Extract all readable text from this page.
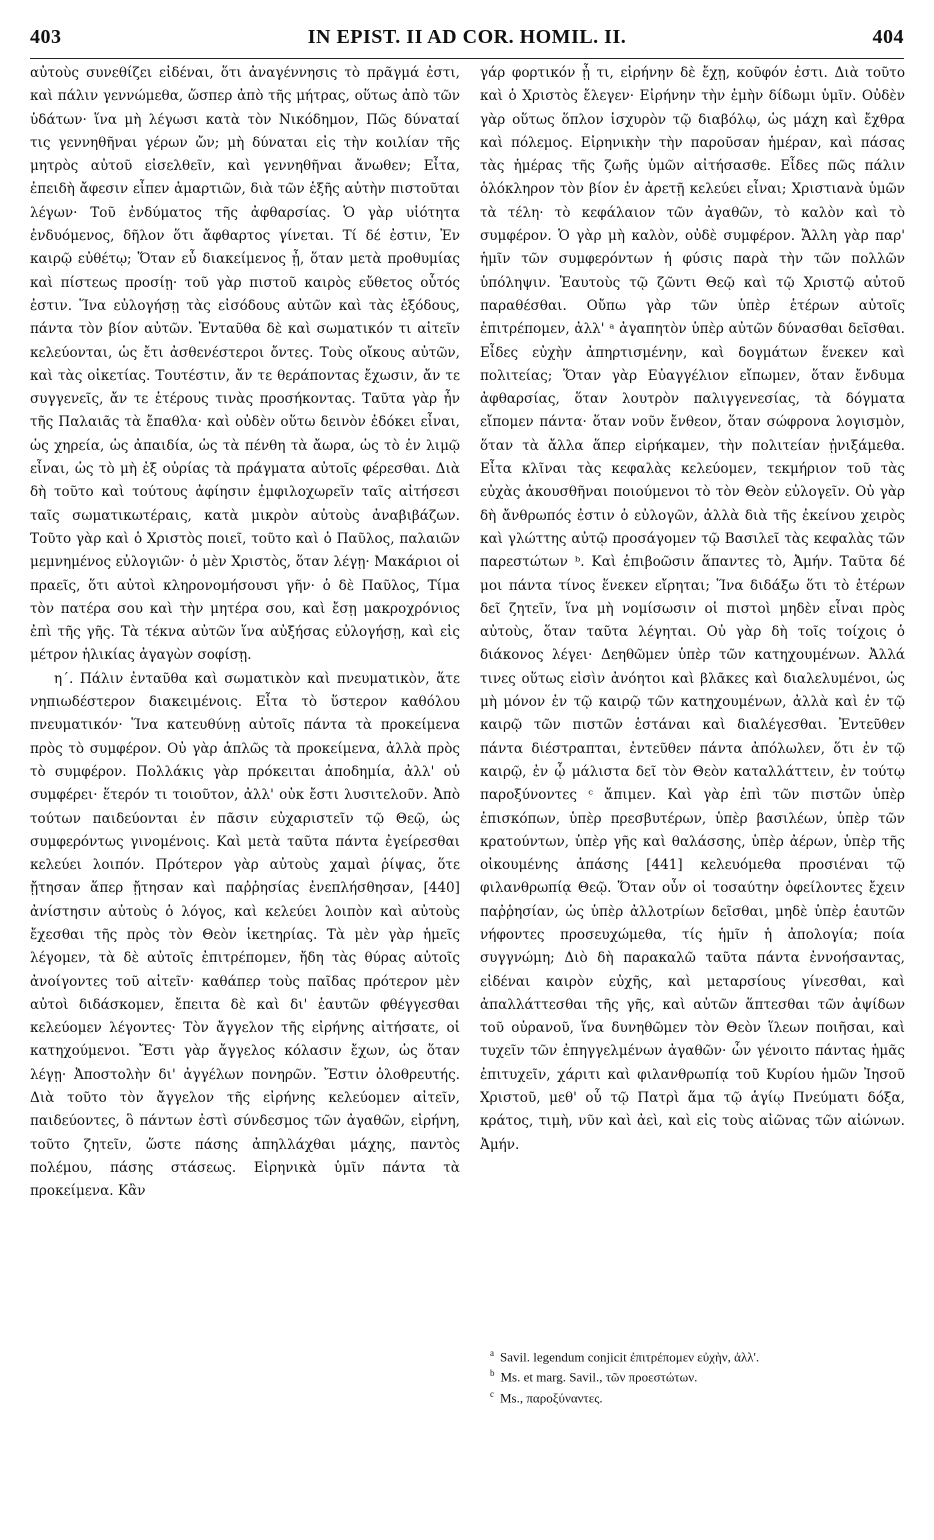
403	IN EPIST. II AD COR. HOMIL. II.	404

αὐτοὺς συνεθίζει εἰδέναι, ὅτι ἀναγέννησις τὸ πρᾶγμά ἐστι, καὶ πάλιν γεννώμεθα, ὥσπερ ἀπὸ τῆς μήτρας, οὕτως ἀπὸ τῶν ὑδάτων· ἵνα μὴ λέγωσι κατὰ τὸν Νικόδημον, Πῶς δύναταί τις γεννηθῆναι γέρων ὤν; μὴ δύναται εἰς τὴν κοιλίαν τῆς μητρὸς αὐτοῦ εἰσελθεῖν, καὶ γεννηθῆναι ἄνωθεν; Εἶτα, ἐπειδὴ ἄφεσιν εἶπεν ἁμαρτιῶν, διὰ τῶν ἑξῆς αὐτὴν πιστοῦται λέγων· Τοῦ ἐνδύματος τῆς ἀφθαρσίας. Ὁ γὰρ υἱότητα ἐνδυόμενος, δῆλον ὅτι ἄφθαρτος γίνεται. Τί δέ ἐστιν, Ἐν καιρῷ εὐθέτῳ; Ὅταν εὖ διακείμενος ᾖ, ὅταν μετὰ προθυμίας καὶ πίστεως προσίῃ· τοῦ γὰρ πιστοῦ καιρὸς εὔθετος οὗτός ἐστιν. Ἵνα εὐλογήσῃ τὰς εἰσόδους αὐτῶν καὶ τὰς ἐξόδους, πάντα τὸν βίον αὐτῶν. Ἐνταῦθα δὲ καὶ σωματικόν τι αἰτεῖν κελεύονται, ὡς ἔτι ἀσθενέστεροι ὄντες. Τοὺς οἴκους αὐτῶν, καὶ τὰς οἰκετίας. Τουτέστιν, ἄν τε θεράποντας ἔχωσιν, ἄν τε συγγενεῖς, ἄν τε ἑτέρους τινὰς προσήκοντας. Ταῦτα γὰρ ἦν τῆς Παλαιᾶς τὰ ἔπαθλα· καὶ οὐδὲν οὕτω δεινὸν ἐδόκει εἶναι, ὡς χηρεία, ὡς ἀπαιδία, ὡς τὰ πένθη τὰ ἄωρα, ὡς τὸ ἐν λιμῷ εἶναι, ὡς τὸ μὴ ἐξ οὐρίας τὰ πράγματα αὐτοῖς φέρεσθαι. Διὰ δὴ τοῦτο καὶ τούτους ἀφίησιν ἐμφιλοχωρεῖν ταῖς αἰτήσεσι ταῖς σωματικωτέραις, κατὰ μικρὸν αὐτοὺς ἀναβιβάζων. Τοῦτο γὰρ καὶ ὁ Χριστὸς ποιεῖ, τοῦτο καὶ ὁ Παῦλος, παλαιῶν μεμνημένος εὐλογιῶν· ὁ μὲν Χριστὸς, ὅταν λέγῃ· Μακάριοι οἱ πραεῖς, ὅτι αὐτοὶ κληρονομήσουσι γῆν· ὁ δὲ Παῦλος, Τίμα τὸν πατέρα σου καὶ τὴν μητέρα σου, καὶ ἔσῃ μακροχρόνιος ἐπὶ τῆς γῆς. Τὰ τέκνα αὐτῶν ἵνα αὐξήσας εὐλογήσῃ, καὶ εἰς μέτρον ἡλικίας ἀγαγὼν σοφίσῃ.

η΄. Πάλιν ἐνταῦθα καὶ σωματικὸν καὶ πνευματικὸν, ἅτε νηπιωδέστερον διακειμένοις. Εἶτα τὸ ὕστερον καθόλου πνευματικόν· Ἵνα κατευθύνῃ αὐτοῖς πάντα τὰ προκείμενα πρὸς τὸ συμφέρον. Οὐ γὰρ ἁπλῶς τὰ προκείμενα, ἀλλὰ πρὸς τὸ συμφέρον. Πολλάκις γὰρ πρόκειται ἀποδημία, ἀλλ' οὐ συμφέρει· ἕτερόν τι τοιοῦτον, ἀλλ' οὐκ ἔστι λυσιτελοῦν. Ἀπὸ τούτων παιδεύονται ἐν πᾶσιν εὐχαριστεῖν τῷ Θεῷ, ὡς συμφερόντως γινομένοις. Καὶ μετὰ ταῦτα πάντα ἐγείρεσθαι κελεύει λοιπόν. Πρότερον γὰρ αὐτοὺς χαμαὶ ῥίψας, ὅτε ᾔτησαν ἅπερ ᾔτησαν καὶ παῤῥησίας ἐνεπλήσθησαν, [440] ἀνίστησιν αὐτοὺς ὁ λόγος, καὶ κελεύει λοιπὸν καὶ αὐτοὺς ἔχεσθαι τῆς πρὸς τὸν Θεὸν ἱκετηρίας. Τὰ μὲν γὰρ ἡμεῖς λέγομεν, τὰ δὲ αὐτοῖς ἐπιτρέπομεν, ἤδη τὰς θύρας αὐτοῖς ἀνοίγοντες τοῦ αἰτεῖν· καθάπερ τοὺς παῖδας πρότερον μὲν αὐτοὶ διδάσκομεν, ἔπειτα δὲ καὶ δι' ἑαυτῶν φθέγγεσθαι κελεύομεν λέγοντες· Τὸν ἄγγελον τῆς εἰρήνης αἰτήσατε, οἱ κατηχούμενοι. Ἔστι γὰρ ἄγγελος κόλασιν ἔχων, ὡς ὅταν λέγῃ· Ἀποστολὴν δι' ἀγγέλων πονηρῶν. Ἔστιν ὀλοθρευτής. Διὰ τοῦτο τὸν ἄγγελον τῆς εἰρήνης κελεύομεν αἰτεῖν, παιδεύοντες, ὃ πάντων ἐστὶ σύνδεσμος τῶν ἀγαθῶν, εἰρήνη, τοῦτο ζητεῖν, ὥστε πάσης ἀπηλλάχθαι μάχης, παντὸς πολέμου, πάσης στάσεως. Εἰρηνικὰ ὑμῖν πάντα τὰ προκείμενα. Κἂν

γάρ φορτικόν ᾖ τι, εἰρήνην δὲ ἔχῃ, κοῦφόν ἐστι. Διὰ τοῦτο καὶ ὁ Χριστὸς ἔλεγεν· Εἰρήνην τὴν ἐμὴν δίδωμι ὑμῖν. Οὐδὲν γὰρ οὕτως ὅπλον ἰσχυρὸν τῷ διαβόλῳ, ὡς μάχη καὶ ἔχθρα καὶ πόλεμος. Εἰρηνικὴν τὴν παροῦσαν ἡμέραν, καὶ πάσας τὰς ἡμέρας τῆς ζωῆς ὑμῶν αἰτήσασθε. Εἶδες πῶς πάλιν ὁλόκληρον τὸν βίον ἐν ἀρετῇ κελεύει εἶναι; Χριστιανὰ ὑμῶν τὰ τέλη· τὸ κεφάλαιον τῶν ἀγαθῶν, τὸ καλὸν καὶ τὸ συμφέρον. Ὁ γὰρ μὴ καλὸν, οὐδὲ συμφέρον. Ἄλλη γὰρ παρ' ἡμῖν τῶν συμφερόντων ἡ φύσις παρὰ τὴν τῶν πολλῶν ὑπόληψιν. Ἑαυτοὺς τῷ ζῶντι Θεῷ καὶ τῷ Χριστῷ αὐτοῦ παραθέσθαι. Οὔπω γὰρ τῶν ὑπὲρ ἑτέρων αὐτοῖς ἐπιτρέπομεν, ἀλλ' ᵃ ἀγαπητὸν ὑπὲρ αὐτῶν δύνασθαι δεῖσθαι. Εἶδες εὐχὴν ἀπηρτισμένην, καὶ δογμάτων ἕνεκεν καὶ πολιτείας; Ὅταν γὰρ Εὐαγγέλιον εἴπωμεν, ὅταν ἔνδυμα ἀφθαρσίας, ὅταν λουτρὸν παλιγγενεσίας, τὰ δόγματα εἴπομεν πάντα· ὅταν νοῦν ἔνθεον, ὅταν σώφρονα λογισμὸν, ὅταν τὰ ἄλλα ἅπερ εἰρήκαμεν, τὴν πολιτείαν ᾐνιξάμεθα. Εἶτα κλῖναι τὰς κεφαλὰς κελεύομεν, τεκμήριον τοῦ τὰς εὐχὰς ἀκουσθῆναι ποιούμενοι τὸ τὸν Θεὸν εὐλογεῖν. Οὐ γὰρ δὴ ἄνθρωπός ἐστιν ὁ εὐλογῶν, ἀλλὰ διὰ τῆς ἐκείνου χειρὸς καὶ γλώττης αὐτῷ προσάγομεν τῷ Βασιλεῖ τὰς κεφαλὰς τῶν παρεστώτων ᵇ. Καὶ ἐπιβοῶσιν ἅπαντες τὸ, Ἀμήν. Ταῦτα δέ μοι πάντα τίνος ἕνεκεν εἴρηται; Ἵνα διδάξω ὅτι τὸ ἑτέρων δεῖ ζητεῖν, ἵνα μὴ νομίσωσιν οἱ πιστοὶ μηδὲν εἶναι πρὸς αὐτοὺς, ὅταν ταῦτα λέγηται. Οὐ γὰρ δὴ τοῖς τοίχοις ὁ διάκονος λέγει· Δεηθῶμεν ὑπὲρ τῶν κατηχουμένων. Ἀλλά τινες οὕτως εἰσὶν ἀνόητοι καὶ βλᾶκες καὶ διαλελυμένοι, ὡς μὴ μόνον ἐν τῷ καιρῷ τῶν κατηχουμένων, ἀλλὰ καὶ ἐν τῷ καιρῷ τῶν πιστῶν ἑστάναι καὶ διαλέγεσθαι. Ἐντεῦθεν πάντα διέστραπται, ἐντεῦθεν πάντα ἀπόλωλεν, ὅτι ἐν τῷ καιρῷ, ἐν ᾧ μάλιστα δεῖ τὸν Θεὸν καταλλάττειν, ἐν τούτῳ παροξύνοντες ᶜ ἄπιμεν. Καὶ γὰρ ἐπὶ τῶν πιστῶν ὑπὲρ ἐπισκόπων, ὑπὲρ πρεσβυτέρων, ὑπὲρ βασιλέων, ὑπὲρ τῶν κρατούντων, ὑπὲρ γῆς καὶ θαλάσσης, ὑπὲρ ἀέρων, ὑπὲρ τῆς οἰκουμένης ἁπάσης [441] κελευόμεθα προσιέναι τῷ φιλανθρωπίᾳ Θεῷ. Ὅταν οὖν οἱ τοσαύτην ὀφείλοντες ἔχειν παῤῥησίαν, ὡς ὑπὲρ ἀλλοτρίων δεῖσθαι, μηδὲ ὑπὲρ ἑαυτῶν νήφοντες προσευχώμεθα, τίς ἡμῖν ἡ ἀπολογία; ποία συγγνώμη; Διὸ δὴ παρακαλῶ ταῦτα πάντα ἐννοήσαντας, εἰδέναι καιρὸν εὐχῆς, καὶ μεταρσίους γίνεσθαι, καὶ ἀπαλλάττεσθαι τῆς γῆς, καὶ αὐτῶν ἅπτεσθαι τῶν ἀψίδων τοῦ οὐρανοῦ, ἵνα δυνηθῶμεν τὸν Θεὸν ἵλεων ποιῆσαι, καὶ τυχεῖν τῶν ἐπηγγελμένων ἀγαθῶν· ὧν γένοιτο πάντας ἡμᾶς ἐπιτυχεῖν, χάριτι καὶ φιλανθρωπίᾳ τοῦ Κυρίου ἡμῶν Ἰησοῦ Χριστοῦ, μεθ' οὗ τῷ Πατρὶ ἅμα τῷ ἁγίῳ Πνεύματι δόξα, κράτος, τιμὴ, νῦν καὶ ἀεὶ, καὶ εἰς τοὺς αἰῶνας τῶν αἰώνων. Ἀμήν.

$^a$ Savil. legendum conjicit ἐπιτρέπομεν εὐχὴν, ἀλλ'.
$^b$ Ms. et marg. Savil., τῶν προεστώτων.
$^c$ Ms., παροξύναντες.
